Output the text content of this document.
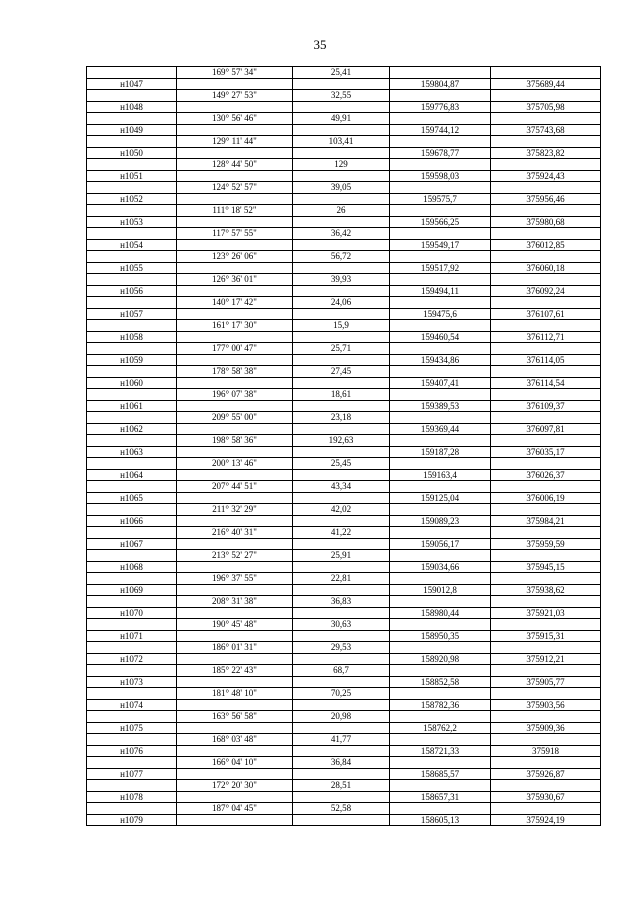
35
	169° 57' 34"	25,41		
н1047			159804,87	375689,44
	149° 27' 53"	32,55		
н1048			159776,83	375705,98
	130° 56' 46"	49,91		
н1049			159744,12	375743,68
	129° 11' 44"	103,41		
н1050			159678,77	375823,82
	128° 44' 50"	129		
н1051			159598,03	375924,43
	124° 52' 57"	39,05		
н1052			159575,7	375956,46
	111° 18' 52"	26		
н1053			159566,25	375980,68
	117° 57' 55"	36,42		
н1054			159549,17	376012,85
	123° 26' 06"	56,72		
н1055			159517,92	376060,18
	126° 36' 01"	39,93		
н1056			159494,11	376092,24
	140° 17' 42"	24,06		
н1057			159475,6	376107,61
	161° 17' 30"	15,9		
н1058			159460,54	376112,71
	177° 00' 47"	25,71		
н1059			159434,86	376114,05
	178° 58' 38"	27,45		
н1060			159407,41	376114,54
	196° 07' 38"	18,61		
н1061			159389,53	376109,37
	209° 55' 00"	23,18		
н1062			159369,44	376097,81
	198° 58' 36"	192,63		
н1063			159187,28	376035,17
	200° 13' 46"	25,45		
н1064			159163,4	376026,37
	207° 44' 51"	43,34		
н1065			159125,04	376006,19
	211° 32' 29"	42,02		
н1066			159089,23	375984,21
	216° 40' 31"	41,22		
н1067			159056,17	375959,59
	213° 52' 27"	25,91		
н1068			159034,66	375945,15
	196° 37' 55"	22,81		
н1069			159012,8	375938,62
	208° 31' 38"	36,83		
н1070			158980,44	375921,03
	190° 45' 48"	30,63		
н1071			158950,35	375915,31
	186° 01' 31"	29,53		
н1072			158920,98	375912,21
	185° 22' 43"	68,7		
н1073			158852,58	375905,77
	181° 48' 10"	70,25		
н1074			158782,36	375903,56
	163° 56' 58"	20,98		
н1075			158762,2	375909,36
	168° 03' 48"	41,77		
н1076			158721,33	375918
	166° 04' 10"	36,84		
н1077			158685,57	375926,87
	172° 20' 30"	28,51		
н1078			158657,31	375930,67
	187° 04' 45"	52,58		
н1079			158605,13	375924,19
